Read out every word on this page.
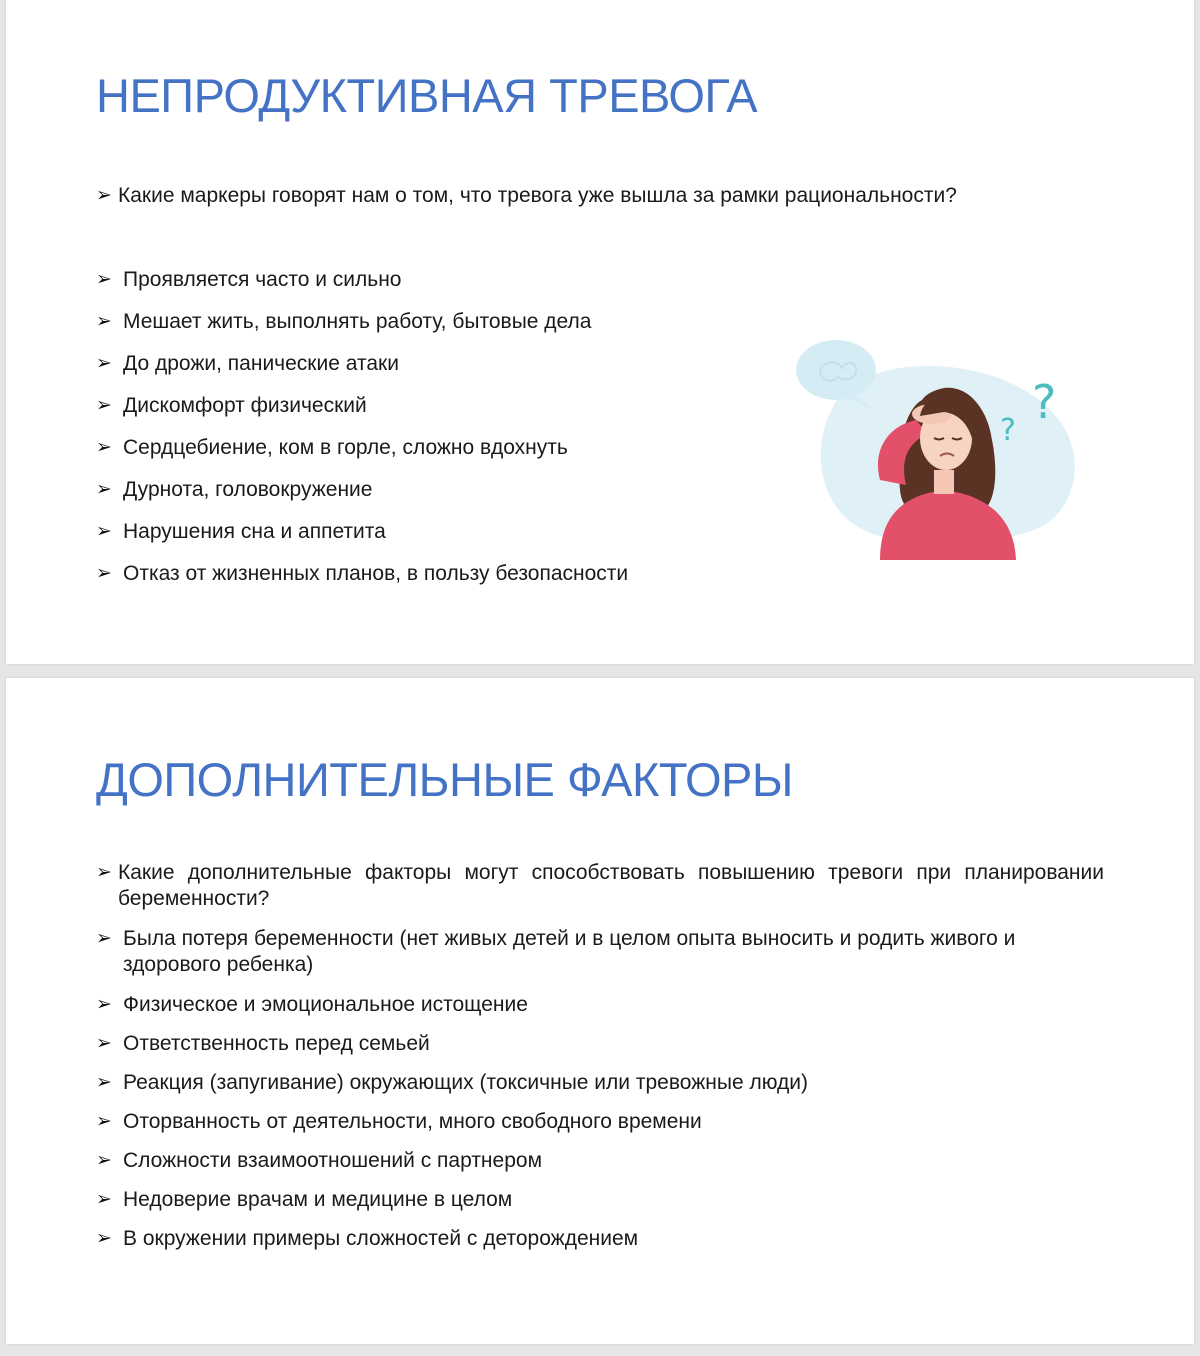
НЕПРОДУКТИВНАЯ ТРЕВОГА
➢ Какие маркеры говорят нам о том, что тревога уже вышла за рамки рациональности?
➢ Проявляется часто и сильно
➢ Мешает жить, выполнять работу, бытовые дела
➢ До дрожи, панические атаки
➢ Дискомфорт физический
➢ Сердцебиение, ком в горле, сложно вдохнуть
➢ Дурнота, головокружение
➢ Нарушения сна и аппетита
➢ Отказ от жизненных планов, в пользу безопасности
?
?
ДОПОЛНИТЕЛЬНЫЕ ФАКТОРЫ
➢ Какие дополнительные факторы могут способствовать повышению тревоги при планировании беременности?
➢ Была потеря беременности (нет живых детей и в целом опыта выносить и родить живого и здорового ребенка)
➢ Физическое и эмоциональное истощение
➢ Ответственность перед семьей
➢ Реакция (запугивание) окружающих (токсичные или тревожные люди)
➢ Оторванность от деятельности, много свободного времени
➢ Сложности взаимоотношений с партнером
➢ Недоверие врачам и медицине в целом
➢ В окружении примеры сложностей с деторождением
